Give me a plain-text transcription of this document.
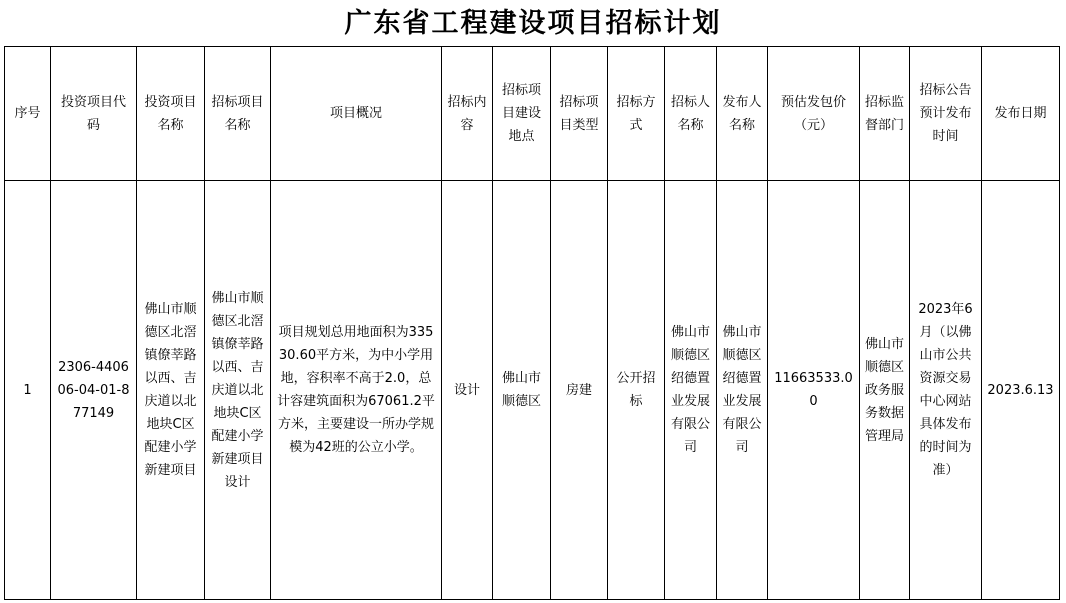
广东省工程建设项目招标计划
序号	投资项目代码	投资项目名称	招标项目名称	项目概况	招标内容	招标项目建设地点	招标项目类型	招标方式	招标人名称	发布人名称	预估发包价（元）	招标监督部门	招标公告预计发布时间	发布日期
1	2306-440606-04-01-877149	佛山市顺德区北滘镇僚莘路以西、吉庆道以北地块C区配建小学新建项目	佛山市顺德区北滘镇僚莘路以西、吉庆道以北地块C区配建小学新建项目设计	项目规划总用地面积为33530.60平方米，为中小学用地，容积率不高于2.0，总计容建筑面积为67061.2平方米，主要建设一所办学规模为42班的公立小学。	设计	佛山市顺德区	房建	公开招标	佛山市顺德区绍德置业发展有限公司	佛山市顺德区绍德置业发展有限公司	11663533.00	佛山市顺德区政务服务数据管理局	2023年6月（以佛山市公共资源交易中心网站具体发布的时间为准）	2023.6.13
